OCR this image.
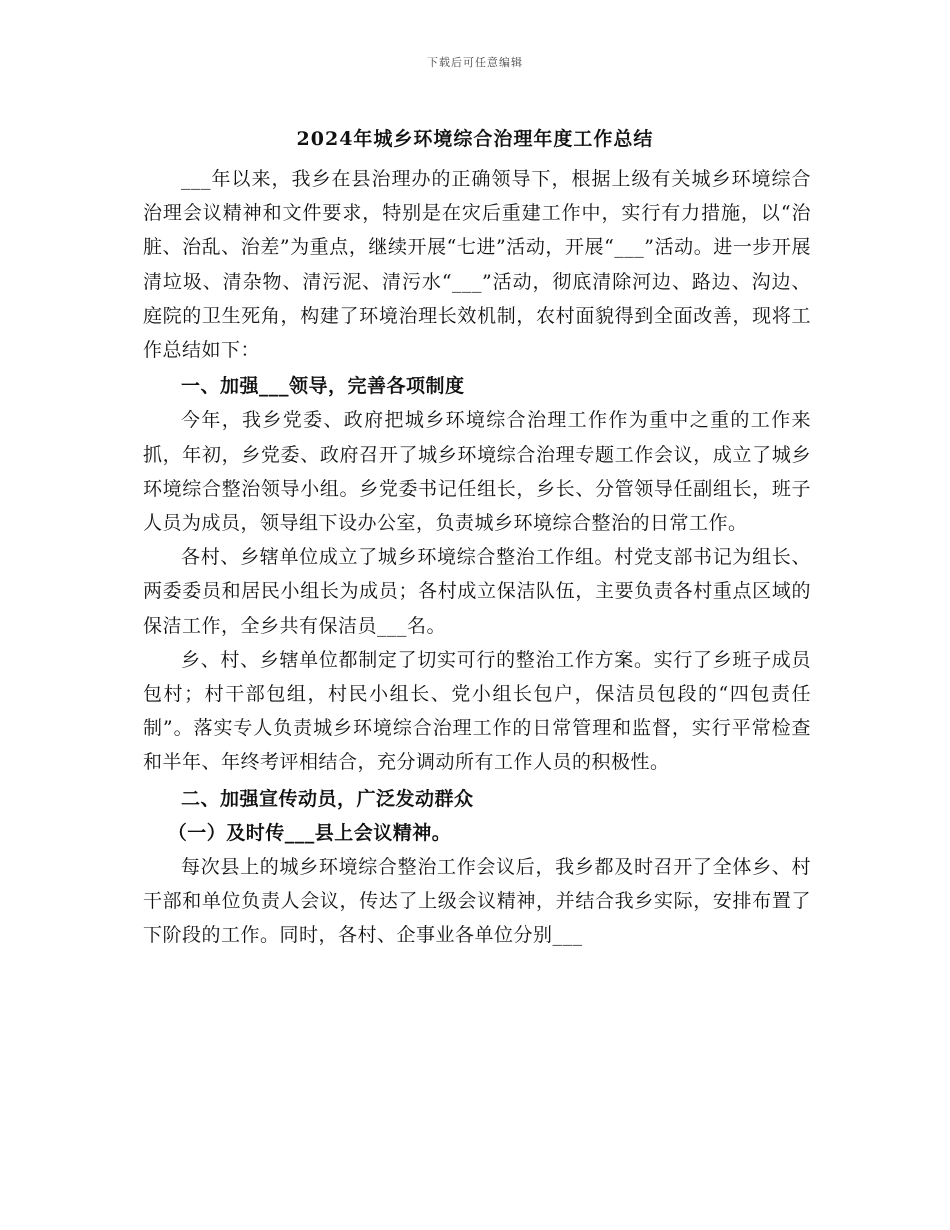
下载后可任意编辑
2024年城乡环境综合治理年度工作总结

___年以来，我乡在县治理办的正确领导下，根据上级有关城乡环境综合治理会议精神和文件要求，特别是在灾后重建工作中，实行有力措施，以“治脏、治乱、治差”为重点，继续开展“七进”活动，开展“___”活动。进一步开展清垃圾、清杂物、清污泥、清污水“___”活动，彻底清除河边、路边、沟边、庭院的卫生死角，构建了环境治理长效机制，农村面貌得到全面改善，现将工作总结如下：

一、加强___领导，完善各项制度

今年，我乡党委、政府把城乡环境综合治理工作作为重中之重的工作来抓，年初，乡党委、政府召开了城乡环境综合治理专题工作会议，成立了城乡环境综合整治领导小组。乡党委书记任组长，乡长、分管领导任副组长，班子人员为成员，领导组下设办公室，负责城乡环境综合整治的日常工作。

各村、乡辖单位成立了城乡环境综合整治工作组。村党支部书记为组长、两委委员和居民小组长为成员；各村成立保洁队伍，主要负责各村重点区域的保洁工作，全乡共有保洁员___名。

乡、村、乡辖单位都制定了切实可行的整治工作方案。实行了乡班子成员包村；村干部包组，村民小组长、党小组长包户，保洁员包段的“四包责任制”。落实专人负责城乡环境综合治理工作的日常管理和监督，实行平常检查和半年、年终考评相结合，充分调动所有工作人员的积极性。

二、加强宣传动员，广泛发动群众

（一）及时传___县上会议精神。

每次县上的城乡环境综合整治工作会议后，我乡都及时召开了全体乡、村干部和单位负责人会议，传达了上级会议精神，并结合我乡实际，安排布置了下阶段的工作。同时，各村、企事业各单位分别___
